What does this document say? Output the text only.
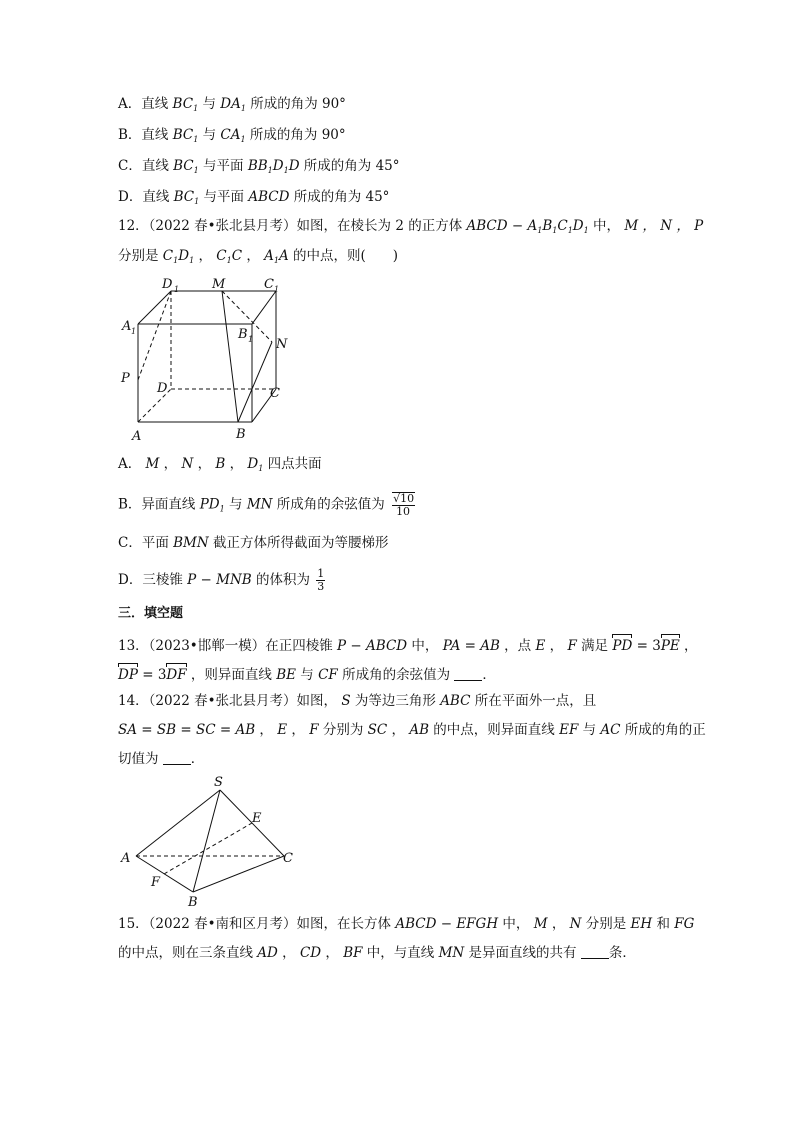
A．直线 $BC_1$ 与 $DA_1$ 所成的角为 90°
B．直线 $BC_1$ 与 $CA_1$ 所成的角为 90°
C．直线 $BC_1$ 与平面 $BB_1D_1D$ 所成的角为 45°
D．直线 $BC_1$ 与平面 ABCD 所成的角为 45°
12．（2022 春•张北县月考）如图，在棱长为 2 的正方体 ABCD − $A_1B_1C_1D_1$ 中， M ， N ， P
分别是 $C_1D_1$ ， $C_1C$ ， $A_1A$ 的中点，则(　　)
D 1	M	C 1
A 1	B 1 N
P
D	C
A	B
A． M ， N ， B ， $D_1$ 四点共面
B．异面直线 $PD_1$ 与 MN 所成角的余弦值为 $\frac{√10}{10}$
C．平面 BMN 截正方体所得截面为等腰梯形
D．三棱锥 P − MNB 的体积为 $\frac{1}{3}$
三．填空题
13．（2023•邯郸一模）在正四棱锥 P − ABCD 中， PA = AB ，点 E ， F 满足 PD = 3PE ，
DP = 3DF ，则异面直线 BE 与 CF 所成角的余弦值为 ．
14．（2022 春•张北县月考）如图， S 为等边三角形 ABC 所在平面外一点，且
SA = SB = SC = AB ， E ， F 分别为 SC ， AB 的中点，则异面直线 EF 与 AC 所成的角的正
切值为 ．
S
E
A	C
F
B
15．（2022 春•南和区月考）如图，在长方体 ABCD − EFGH 中， M ， N 分别是 EH 和 FG
的中点，则在三条直线 AD ， CD ， BF 中，与直线 MN 是异面直线的共有 条．
